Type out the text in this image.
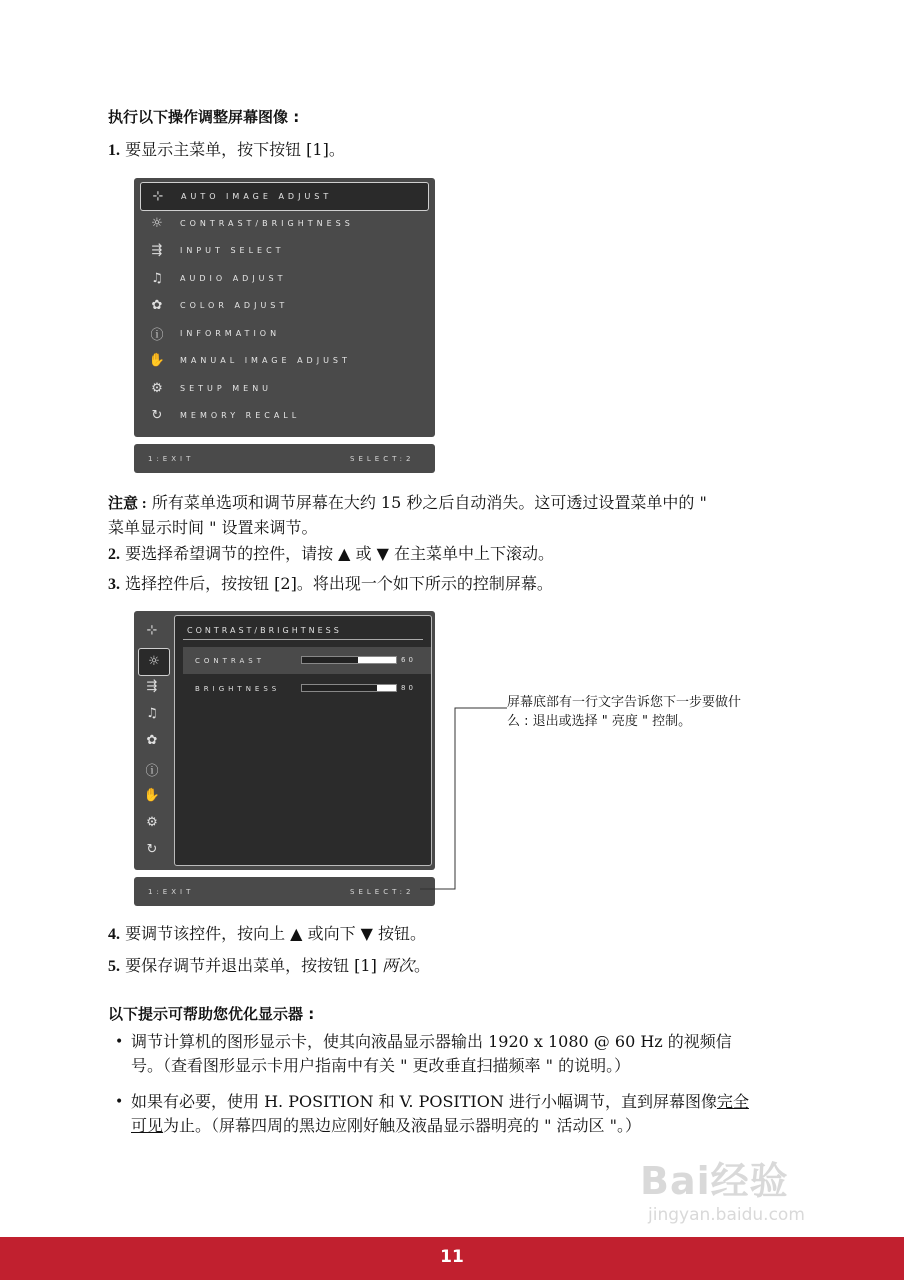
执行以下操作调整屏幕图像 :
1. 要显示主菜单，按下按钮 [1]。
⊹	AUTO IMAGE ADJUST
☼	CONTRAST/BRIGHTNESS
⇶	INPUT SELECT
♫	AUDIO ADJUST
✿	COLOR ADJUST
ⓘ	INFORMATION
✋	MANUAL IMAGE ADJUST
⚙	SETUP MENU
↻	MEMORY RECALL
1:EXIT	SELECT:2
注意 : 所有菜单选项和调节屏幕在大约 15 秒之后自动消失。这可透过设置菜单中的 "
菜单显示时间 " 设置来调节。
2. 要选择希望调节的控件，请按 ▲ 或 ▼ 在主菜单中上下滚动。
3. 选择控件后，按按钮 [2]。将出现一个如下所示的控制屏幕。
⊹
☼
⇶
♫
✿
ⓘ
✋
⚙
↻
CONTRAST/BRIGHTNESS
CONTRAST	60
BRIGHTNESS	80
1:EXIT	SELECT:2
屏幕底部有一行文字告诉您下一步要做什
么 : 退出或选择 " 亮度 " 控制。
4. 要调节该控件，按向上 ▲ 或向下 ▼ 按钮。
5. 要保存调节并退出菜单，按按钮 [1] 两次。
以下提示可帮助您优化显示器 :
• 调节计算机的图形显示卡，使其向液晶显示器输出 1920 x 1080 @ 60 Hz 的视频信
号。（查看图形显示卡用户指南中有关 " 更改垂直扫描频率 " 的说明。）
• 如果有必要，使用 H. POSITION 和 V. POSITION 进行小幅调节，直到屏幕图像完全
可见为止。（屏幕四周的黑边应刚好触及液晶显示器明亮的 " 活动区 "。）
Bai经验
jingyan.baidu.com
11
